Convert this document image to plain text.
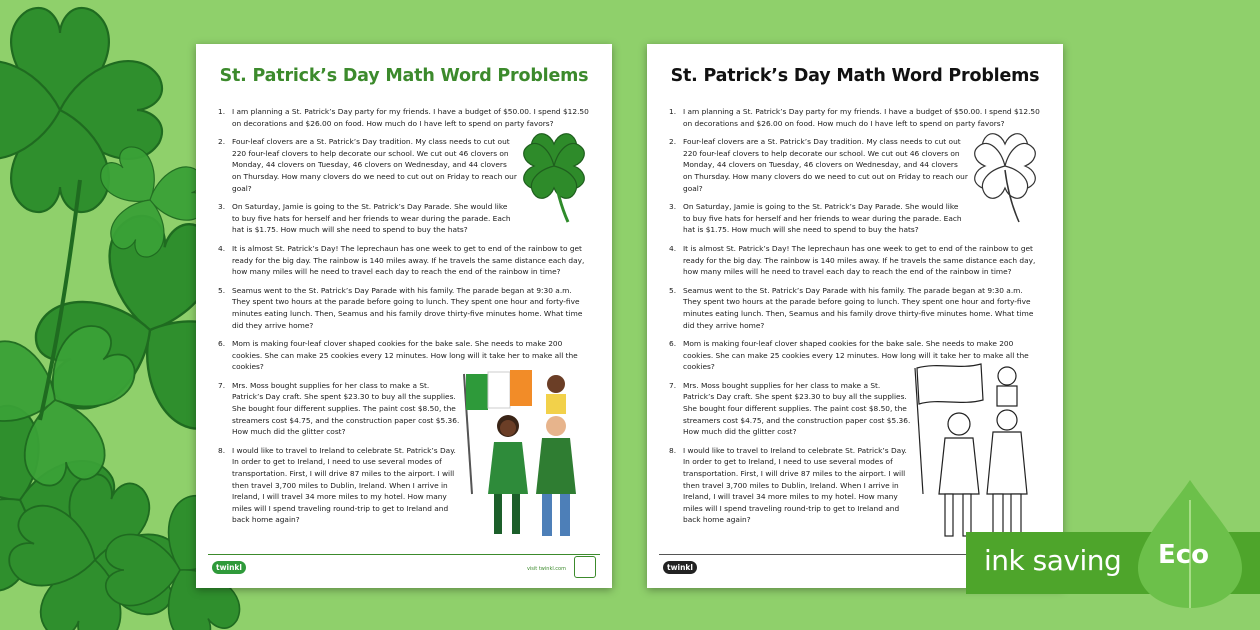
St. Patrick’s Day Math Word Problems
1. I am planning a St. Patrick’s Day party for my friends. I have a budget of $50.00. I spend $12.50 on decorations and $26.00 on food. How much do I have left to spend on party favors?
2. Four-leaf clovers are a St. Patrick’s Day tradition. My class needs to cut out 220 four-leaf clovers to help decorate our school. We cut out 46 clovers on Monday, 44 clovers on Tuesday, 46 clovers on Wednesday, and 44 clovers on Thursday. How many clovers do we need to cut out on Friday to reach our goal?
3. On Saturday, Jamie is going to the St. Patrick’s Day Parade. She would like to buy five hats for herself and her friends to wear during the parade. Each hat is $1.75. How much will she need to spend to buy the hats?
4. It is almost St. Patrick’s Day! The leprechaun has one week to get to end of the rainbow to get ready for the big day. The rainbow is 140 miles away. If he travels the same distance each day, how many miles will he need to travel each day to reach the end of the rainbow in time?
5. Seamus went to the St. Patrick’s Day Parade with his family. The parade began at 9:30 a.m. They spent two hours at the parade before going to lunch. They spent one hour and forty-five minutes eating lunch. Then, Seamus and his family drove thirty-five minutes home. What time did they arrive home?
6. Mom is making four-leaf clover shaped cookies for the bake sale. She needs to make 200 cookies. She can make 25 cookies every 12 minutes. How long will it take her to make all the cookies?
7. Mrs. Moss bought supplies for her class to make a St. Patrick’s Day craft. She spent $23.30 to buy all the supplies. She bought four different supplies. The paint cost $8.50, the streamers cost $4.75, and the construction paper cost $5.36. How much did the glitter cost?
8. I would like to travel to Ireland to celebrate St. Patrick’s Day. In order to get to Ireland, I need to use several modes of transportation. First, I will drive 87 miles to the airport. I will then travel 3,700 miles to Dublin, Ireland. When I arrive in Ireland, I will travel 34 more miles to my hotel. How many miles will I spend traveling round-trip to get to Ireland and back home again?
twinkl	visit twinkl.com
St. Patrick’s Day Math Word Problems
1. I am planning a St. Patrick’s Day party for my friends. I have a budget of $50.00. I spend $12.50 on decorations and $26.00 on food. How much do I have left to spend on party favors?
2. Four-leaf clovers are a St. Patrick’s Day tradition. My class needs to cut out 220 four-leaf clovers to help decorate our school. We cut out 46 clovers on Monday, 44 clovers on Tuesday, 46 clovers on Wednesday, and 44 clovers on Thursday. How many clovers do we need to cut out on Friday to reach our goal?
3. On Saturday, Jamie is going to the St. Patrick’s Day Parade. She would like to buy five hats for herself and her friends to wear during the parade. Each hat is $1.75. How much will she need to spend to buy the hats?
4. It is almost St. Patrick’s Day! The leprechaun has one week to get to end of the rainbow to get ready for the big day. The rainbow is 140 miles away. If he travels the same distance each day, how many miles will he need to travel each day to reach the end of the rainbow in time?
5. Seamus went to the St. Patrick’s Day Parade with his family. The parade began at 9:30 a.m. They spent two hours at the parade before going to lunch. They spent one hour and forty-five minutes eating lunch. Then, Seamus and his family drove thirty-five minutes home. What time did they arrive home?
6. Mom is making four-leaf clover shaped cookies for the bake sale. She needs to make 200 cookies. She can make 25 cookies every 12 minutes. How long will it take her to make all the cookies?
7. Mrs. Moss bought supplies for her class to make a St. Patrick’s Day craft. She spent $23.30 to buy all the supplies. She bought four different supplies. The paint cost $8.50, the streamers cost $4.75, and the construction paper cost $5.36. How much did the glitter cost?
8. I would like to travel to Ireland to celebrate St. Patrick’s Day. In order to get to Ireland, I need to use several modes of transportation. First, I will drive 87 miles to the airport. I will then travel 3,700 miles to Dublin, Ireland. When I arrive in Ireland, I will travel 34 more miles to my hotel. How many miles will I spend traveling round-trip to get to Ireland and back home again?
twinkl	ink saving Eco
